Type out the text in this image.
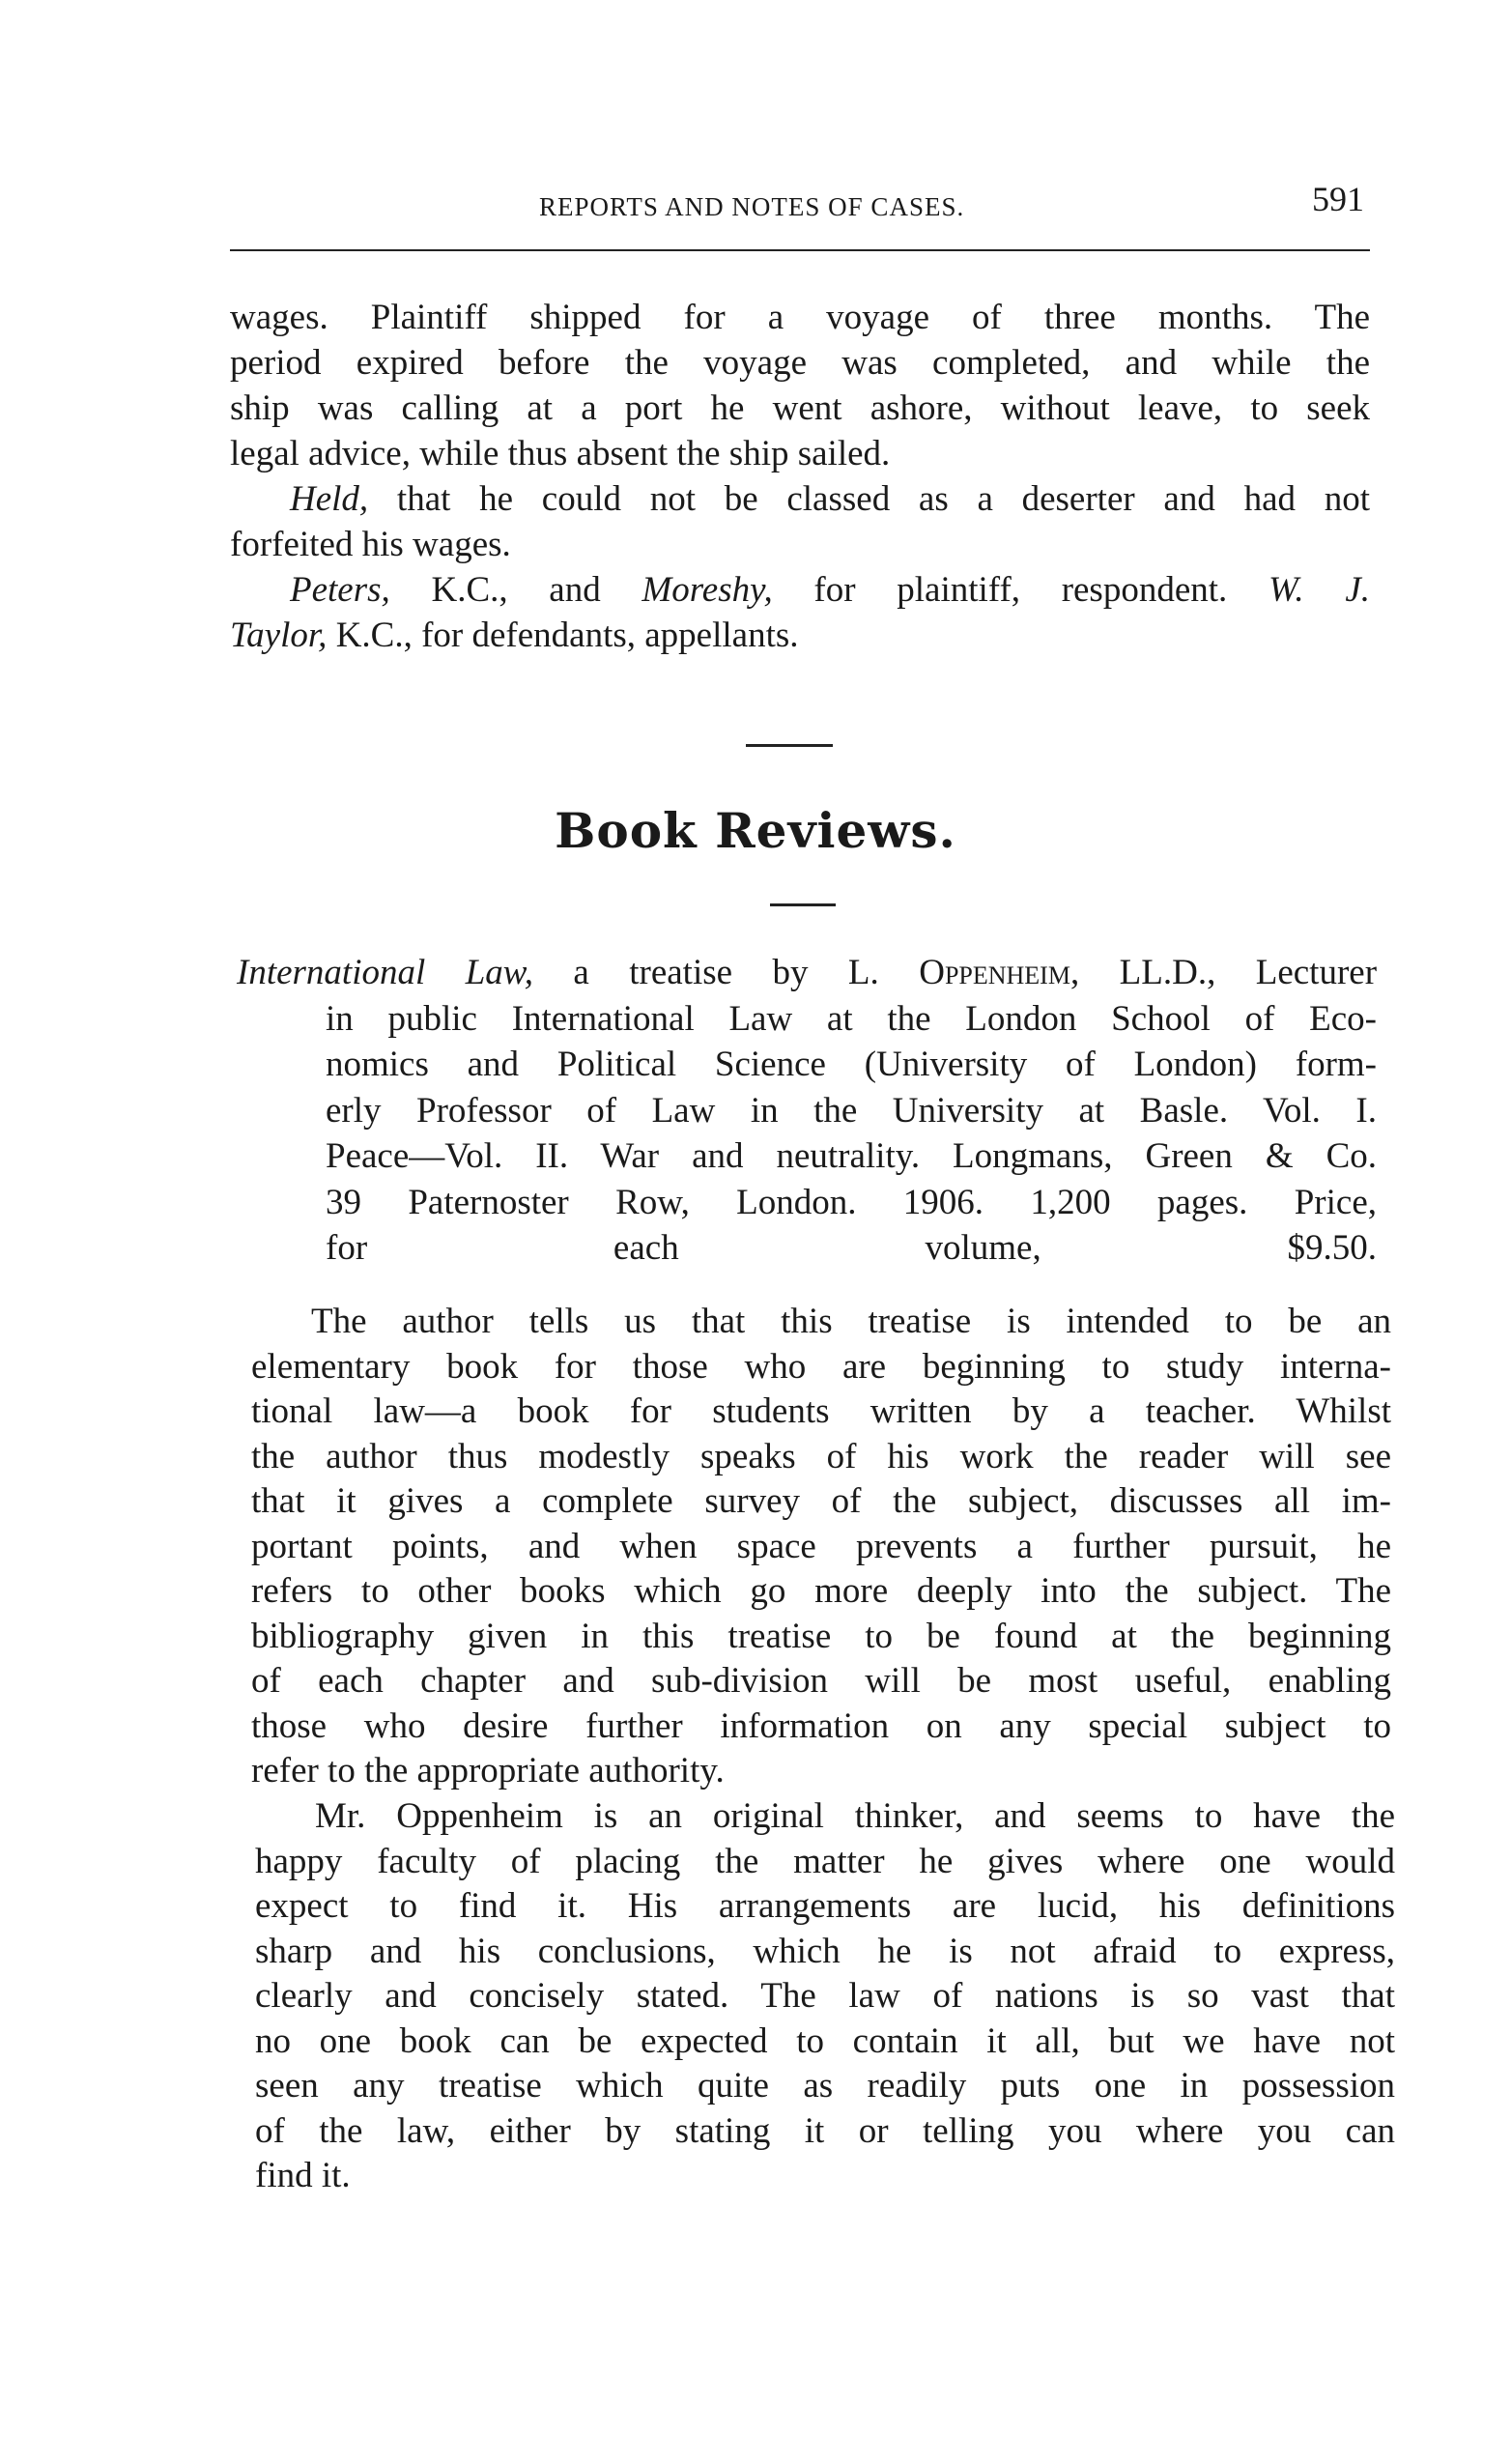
REPORTS AND NOTES OF CASES.	591
wages. Plaintiff shipped for a voyage of three months. The
period expired before the voyage was completed, and while the
ship was calling at a port he went ashore, without leave, to seek
legal advice, while thus absent the ship sailed.
Held, that he could not be classed as a deserter and had not
forfeited his wages.
Peters, K.C., and Moreshy, for plaintiff, respondent. W. J.
Taylor, K.C., for defendants, appellants.
Book Reviews.
International Law, a treatise by L. Oppenheim, LL.D., Lecturer
in public International Law at the London School of Eco-
nomics and Political Science (University of London) form-
erly Professor of Law in the University at Basle. Vol. I.
Peace—Vol. II. War and neutrality. Longmans, Green & Co.
39 Paternoster Row, London. 1906. 1,200 pages. Price,
for each volume, $9.50.
The author tells us that this treatise is intended to be an
elementary book for those who are beginning to study interna-
tional law—a book for students written by a teacher. Whilst
the author thus modestly speaks of his work the reader will see
that it gives a complete survey of the subject, discusses all im-
portant points, and when space prevents a further pursuit, he
refers to other books which go more deeply into the subject. The
bibliography given in this treatise to be found at the beginning
of each chapter and sub-division will be most useful, enabling
those who desire further information on any special subject to
refer to the appropriate authority.
Mr. Oppenheim is an original thinker, and seems to have the
happy faculty of placing the matter he gives where one would
expect to find it. His arrangements are lucid, his definitions
sharp and his conclusions, which he is not afraid to express,
clearly and concisely stated. The law of nations is so vast that
no one book can be expected to contain it all, but we have not
seen any treatise which quite as readily puts one in possession
of the law, either by stating it or telling you where you can
find it.
